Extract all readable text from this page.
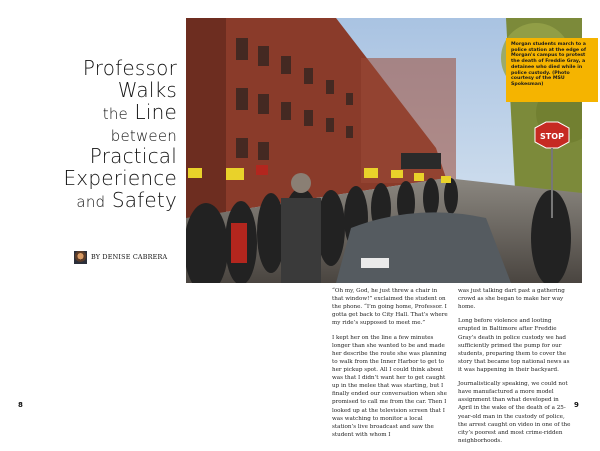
Professor
Walks
the Line
between
Practical
Experience
and Safety
BY DENISE CABRERA
STOP
Morgan students march to a police station at the edge of Morgan's campus to protest the death of Freddie Gray, a detainee who died while in police custody. (Photo courtesy of the MSU Spokesman)

“Oh my, God, he just threw a chair in that window!” exclaimed the student on the phone. “I’m going home, Professor. I gotta get back to City Hall. That’s where my ride’s supposed to meet me.”

I kept her on the line a few minutes longer than she wanted to be and made her describe the route she was planning to walk from the Inner Harbor to get to her pickup spot. All I could think about was that I didn’t want her to get caught up in the melee that was starting, but I finally ended our conversation when she promised to call me from the car. Then I looked up at the television screen that I was watching to monitor a local station’s live broadcast and saw the student with whom I

was just talking dart past a gathering crowd as she began to make her way home.

Long before violence and looting erupted in Baltimore after Freddie Gray’s death in police custody we had sufficiently primed the pump for our students, preparing them to cover the story that became top national news as it was happening in their backyard.

Journalistically speaking, we could not have manufactured a more model assignment than what developed in April in the wake of the death of a 25-year-old man in the custody of police, the arrest caught on video in one of the city’s poorest and most crime-ridden neighborhoods.

8	9
